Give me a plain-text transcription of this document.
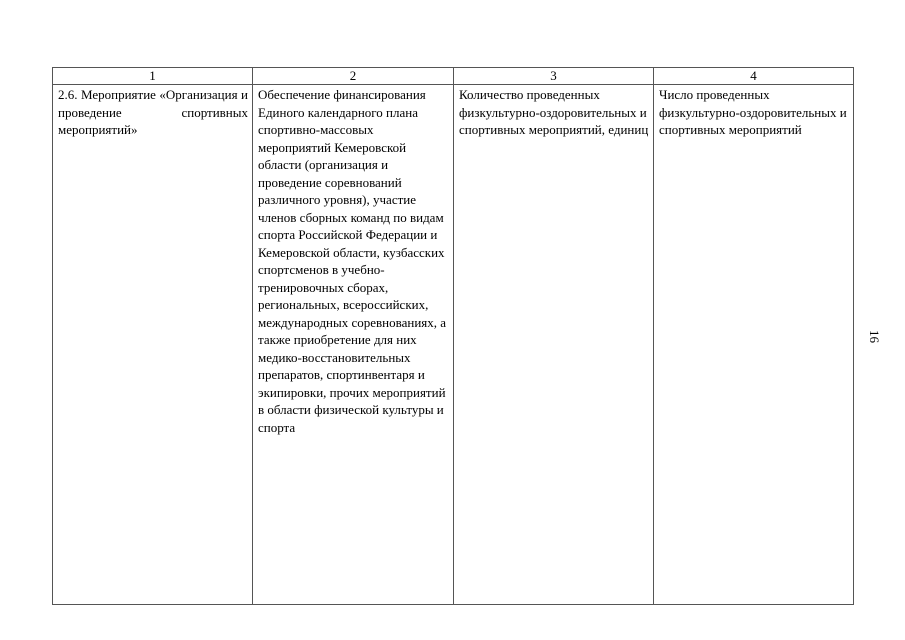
1	2	3	4

2.6. Мероприятие «Организация и проведение спортивных мероприятий»	Обеспечение финансирования Единого календарного плана спортивно-массовых мероприятий Кемеровской области (организация и проведение соревнований различного уровня), участие членов сборных команд по видам спорта Российской Федерации и Кемеровской области, кузбасских спортсменов в учебно-тренировочных сборах, региональных, всероссийских, международных соревнованиях, а также приобретение для них медико-восстановительных препаратов, спортинвентаря и экипировки, прочих мероприятий в области физической культуры и спорта	Количество проведенных физкультурно-оздоровительных и спортивных мероприятий, единиц	Число проведенных физкультурно-оздоровительных и спортивных мероприятий
16
